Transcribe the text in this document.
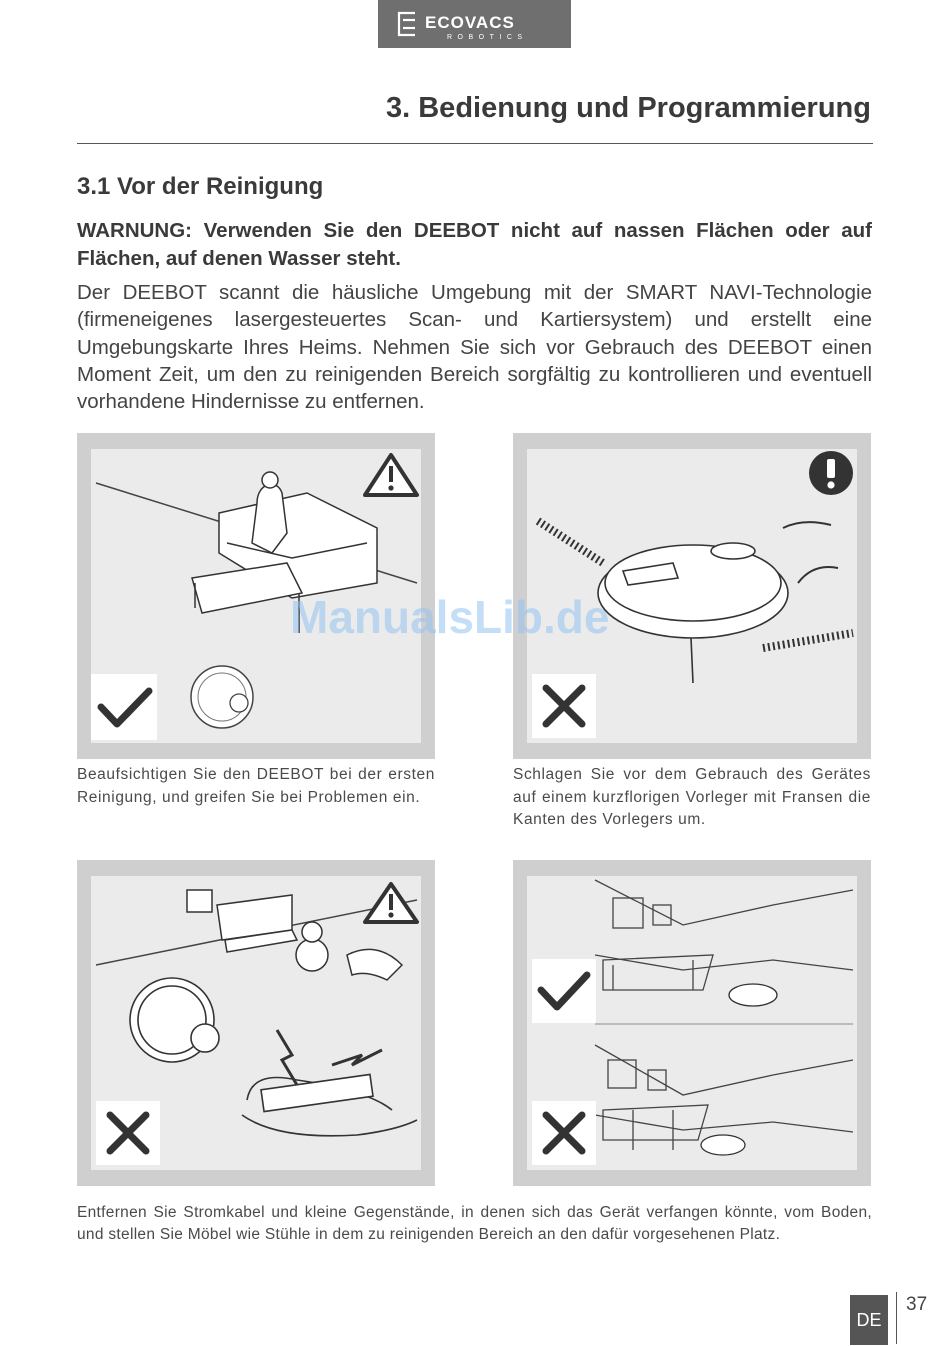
ECOVACS
ROBOTICS
3. Bedienung und Programmierung
3.1 Vor der Reinigung

WARNUNG: Verwenden Sie den DEEBOT nicht auf nassen Flächen oder auf Flächen, auf denen Wasser steht.

Der DEEBOT scannt die häusliche Umgebung mit der SMART NAVI-Technologie (firmeneigenes lasergesteuertes Scan- und Kartiersystem) und erstellt eine Umgebungskarte Ihres Heims. Nehmen Sie sich vor Gebrauch des DEEBOT einen Moment Zeit, um den zu reinigenden Bereich sorgfältig zu kontrollieren und eventuell vorhandene Hindernisse zu entfernen.

Beaufsichtigen Sie den DEEBOT bei der ersten Reinigung, und greifen Sie bei Problemen ein.

Schlagen Sie vor dem Gebrauch des Gerätes auf einem kurzflorigen Vorleger mit Fransen die Kanten des Vorlegers um.

Entfernen Sie Stromkabel und kleine Gegenstände, in denen sich das Gerät verfangen könnte, vom Boden, und stellen Sie Möbel wie Stühle in dem zu reinigenden Bereich an den dafür vorgesehenen Platz.

ManualsLib.de
DE
37
